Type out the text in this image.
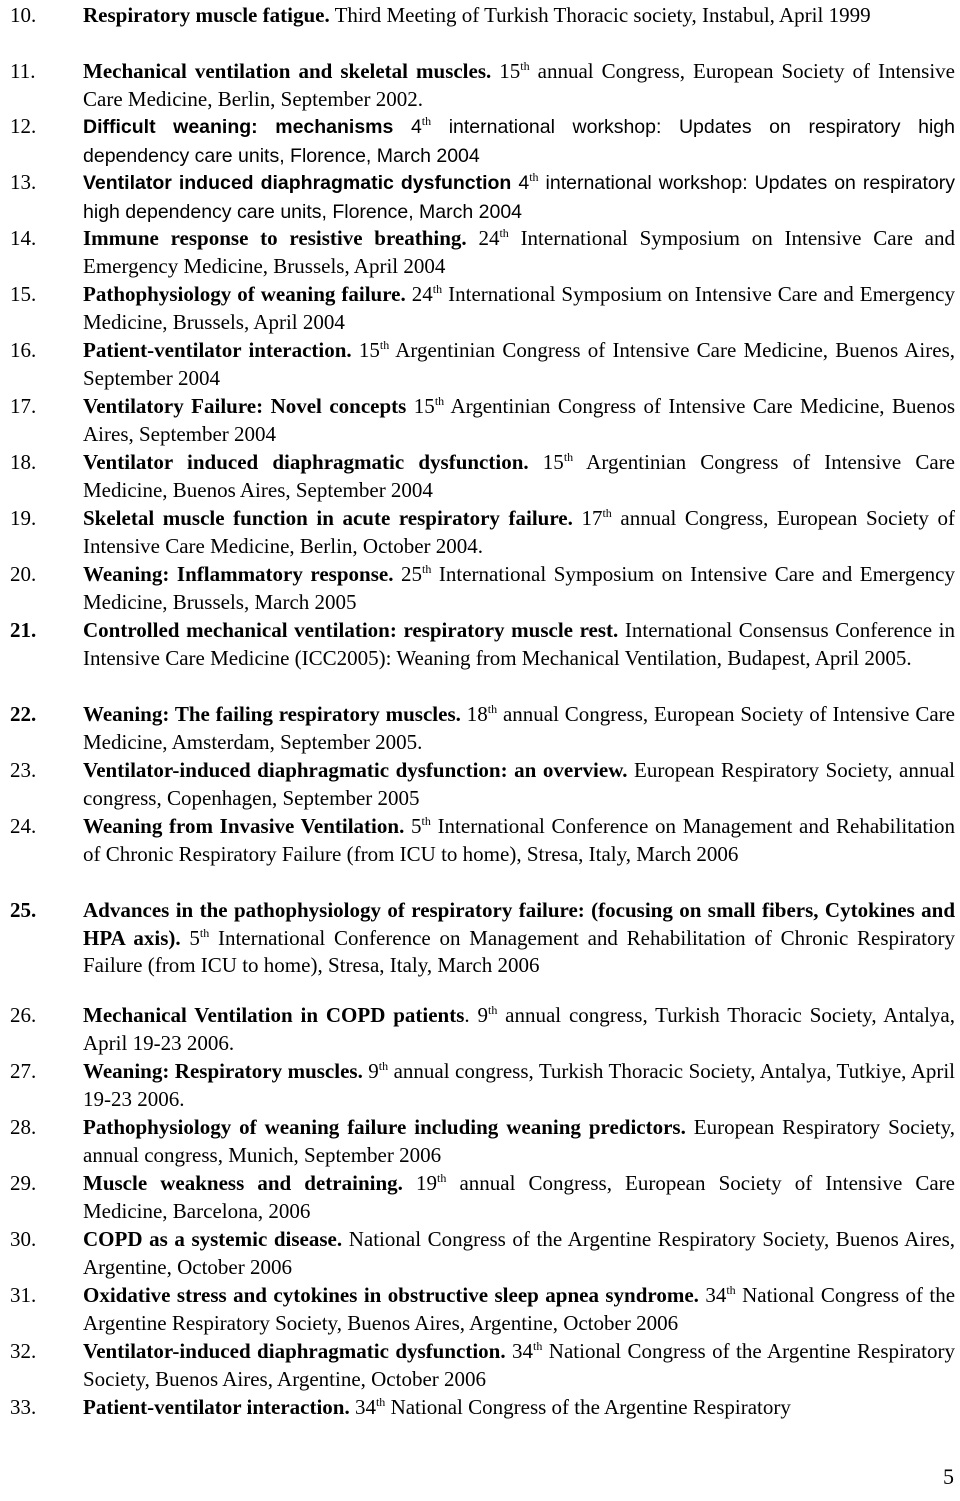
10. Respiratory muscle fatigue. Third Meeting of Turkish Thoracic society, Instabul, April 1999
11. Mechanical ventilation and skeletal muscles. 15th annual Congress, European Society of Intensive Care Medicine, Berlin, September 2002.
12. Difficult weaning: mechanisms 4th international workshop: Updates on respiratory high dependency care units, Florence, March 2004
13. Ventilator induced diaphragmatic dysfunction 4th international workshop: Updates on respiratory high dependency care units, Florence, March 2004
14. Immune response to resistive breathing. 24th International Symposium on Intensive Care and Emergency Medicine, Brussels, April 2004
15. Pathophysiology of weaning failure. 24th International Symposium on Intensive Care and Emergency Medicine, Brussels, April 2004
16. Patient-ventilator interaction. 15th Argentinian Congress of Intensive Care Medicine, Buenos Aires, September 2004
17. Ventilatory Failure: Novel concepts 15th Argentinian Congress of Intensive Care Medicine, Buenos Aires, September 2004
18. Ventilator induced diaphragmatic dysfunction. 15th Argentinian Congress of Intensive Care Medicine, Buenos Aires, September 2004
19. Skeletal muscle function in acute respiratory failure. 17th annual Congress, European Society of Intensive Care Medicine, Berlin, October 2004.
20. Weaning: Inflammatory response. 25th International Symposium on Intensive Care and Emergency Medicine, Brussels, March 2005
21. Controlled mechanical ventilation: respiratory muscle rest. International Consensus Conference in Intensive Care Medicine (ICC2005): Weaning from Mechanical Ventilation, Budapest, April 2005.
22. Weaning: The failing respiratory muscles. 18th annual Congress, European Society of Intensive Care Medicine, Amsterdam, September 2005.
23. Ventilator-induced diaphragmatic dysfunction: an overview. European Respiratory Society, annual congress, Copenhagen, September 2005
24. Weaning from Invasive Ventilation. 5th International Conference on Management and Rehabilitation of Chronic Respiratory Failure (from ICU to home), Stresa, Italy, March 2006
25. Advances in the pathophysiology of respiratory failure: (focusing on small fibers, Cytokines and HPA axis). 5th International Conference on Management and Rehabilitation of Chronic Respiratory Failure (from ICU to home), Stresa, Italy, March 2006
26. Mechanical Ventilation in COPD patients. 9th annual congress, Turkish Thoracic Society, Antalya, April 19-23 2006.
27. Weaning: Respiratory muscles. 9th annual congress, Turkish Thoracic Society, Antalya, Tutkiye, April 19-23 2006.
28. Pathophysiology of weaning failure including weaning predictors. European Respiratory Society, annual congress, Munich, September 2006
29. Muscle weakness and detraining. 19th annual Congress, European Society of Intensive Care Medicine, Barcelona, 2006
30. COPD as a systemic disease. National Congress of the Argentine Respiratory Society, Buenos Aires, Argentine, October 2006
31. Oxidative stress and cytokines in obstructive sleep apnea syndrome. 34th National Congress of the Argentine Respiratory Society, Buenos Aires, Argentine, October 2006
32. Ventilator-induced diaphragmatic dysfunction. 34th National Congress of the Argentine Respiratory Society, Buenos Aires, Argentine, October 2006
33. Patient-ventilator interaction. 34th National Congress of the Argentine Respiratory
5
